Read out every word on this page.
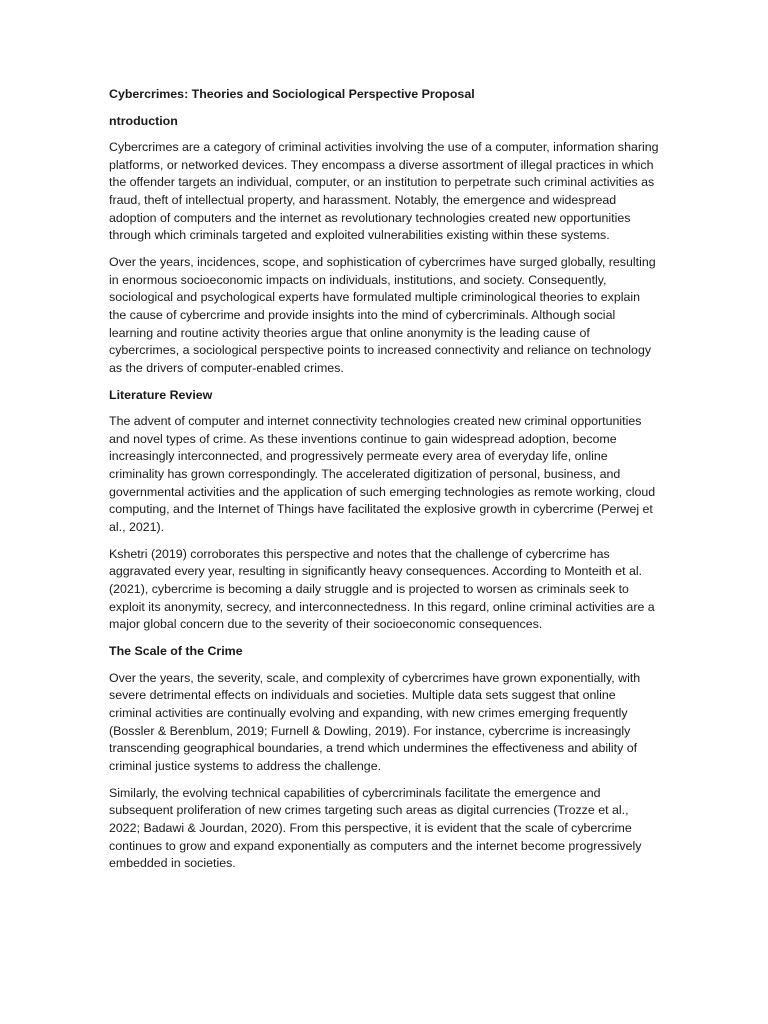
Cybercrimes: Theories and Sociological Perspective Proposal
ntroduction

Cybercrimes are a category of criminal activities involving the use of a computer, information sharing platforms, or networked devices. They encompass a diverse assortment of illegal practices in which the offender targets an individual, computer, or an institution to perpetrate such criminal activities as fraud, theft of intellectual property, and harassment. Notably, the emergence and widespread adoption of computers and the internet as revolutionary technologies created new opportunities through which criminals targeted and exploited vulnerabilities existing within these systems.

Over the years, incidences, scope, and sophistication of cybercrimes have surged globally, resulting in enormous socioeconomic impacts on individuals, institutions, and society. Consequently, sociological and psychological experts have formulated multiple criminological theories to explain the cause of cybercrime and provide insights into the mind of cybercriminals. Although social learning and routine activity theories argue that online anonymity is the leading cause of cybercrimes, a sociological perspective points to increased connectivity and reliance on technology as the drivers of computer-enabled crimes.

Literature Review

The advent of computer and internet connectivity technologies created new criminal opportunities and novel types of crime. As these inventions continue to gain widespread adoption, become increasingly interconnected, and progressively permeate every area of everyday life, online criminality has grown correspondingly. The accelerated digitization of personal, business, and governmental activities and the application of such emerging technologies as remote working, cloud computing, and the Internet of Things have facilitated the explosive growth in cybercrime (Perwej et al., 2021).

Kshetri (2019) corroborates this perspective and notes that the challenge of cybercrime has aggravated every year, resulting in significantly heavy consequences. According to Monteith et al. (2021), cybercrime is becoming a daily struggle and is projected to worsen as criminals seek to exploit its anonymity, secrecy, and interconnectedness. In this regard, online criminal activities are a major global concern due to the severity of their socioeconomic consequences.

The Scale of the Crime

Over the years, the severity, scale, and complexity of cybercrimes have grown exponentially, with severe detrimental effects on individuals and societies. Multiple data sets suggest that online criminal activities are continually evolving and expanding, with new crimes emerging frequently (Bossler & Berenblum, 2019; Furnell & Dowling, 2019). For instance, cybercrime is increasingly transcending geographical boundaries, a trend which undermines the effectiveness and ability of criminal justice systems to address the challenge.

Similarly, the evolving technical capabilities of cybercriminals facilitate the emergence and subsequent proliferation of new crimes targeting such areas as digital currencies (Trozze et al., 2022; Badawi & Jourdan, 2020). From this perspective, it is evident that the scale of cybercrime continues to grow and expand exponentially as computers and the internet become progressively embedded in societies.
